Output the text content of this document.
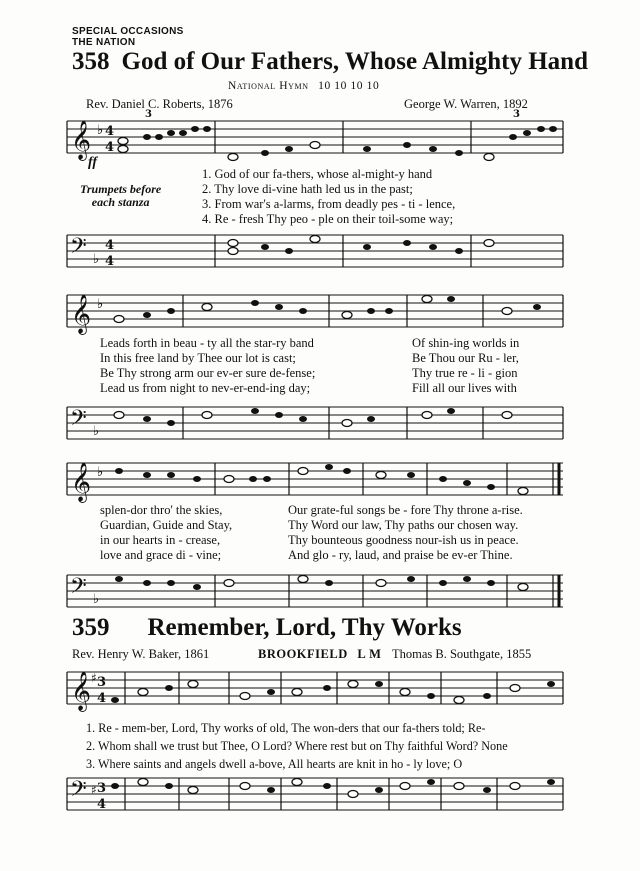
SPECIAL OCCASIONS
THE NATION
358 God of Our Fathers, Whose Almighty Hand
National Hymn 10 10 10 10
Rev. Daniel C. Roberts, 1876	George W. Warren, 1892
𝄞 ♭ 4
4
3	3
ff
Trumpets before
each stanza
1. God of our fa-thers, whose al-might-y hand
2. Thy love di-vine hath led us in the past;
3. From war's a-larms, from deadly pes - ti - lence,
4. Re - fresh Thy peo - ple on their toil-some way;
𝄢 ♭
4
4
𝄞 ♭
Leads forth in beau - ty all the star-ry band
In this free land by Thee our lot is cast;
Be Thy strong arm our ev-er sure de-fense;
Lead us from night to nev-er-end-ing day;
Of shin-ing worlds in
Be Thou our Ru - ler,
Thy true re - li - gion
Fill all our lives with
𝄢 ♭
𝄞 ♭
splen-dor thro' the skies,
Guardian, Guide and Stay,
in our hearts in - crease,
love and grace di - vine;
Our grate-ful songs be - fore Thy throne a-rise.
Thy Word our law, Thy paths our chosen way.
Thy bounteous goodness nour-ish us in peace.
And glo - ry, laud, and praise be ev-er Thine.
𝄢 ♭
359 Remember, Lord, Thy Works
Rev. Henry W. Baker, 1861	BROOKFIELD L M Thomas B. Southgate, 1855
𝄞 ♯ 3
4
1. Re - mem-ber, Lord, Thy works of old, The won-ders that our fa-thers told; Re-
2. Whom shall we trust but Thee, O Lord? Where rest but on Thy faithful Word? None
3. Where saints and angels dwell a-bove, All hearts are knit in ho - ly love; O
𝄢 ♯ 3
4
